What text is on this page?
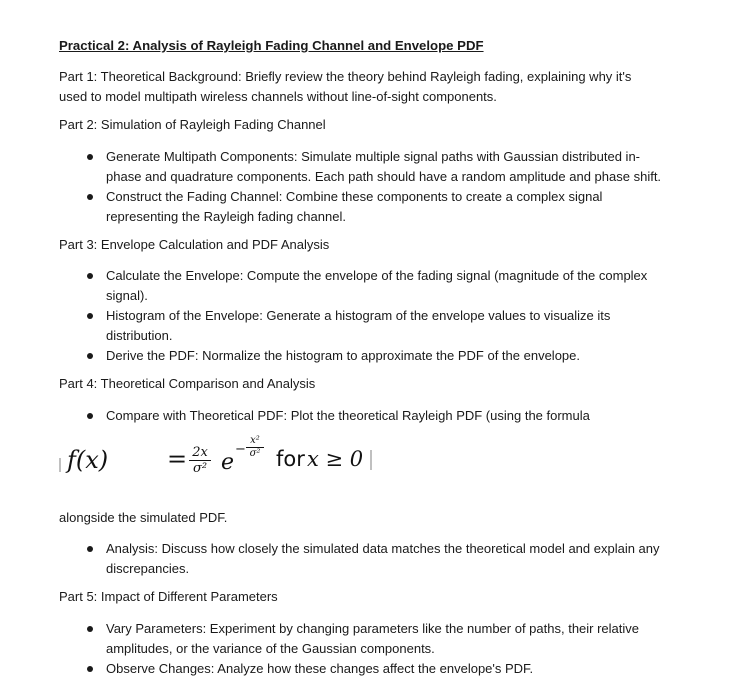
Practical 2: Analysis of Rayleigh Fading Channel and Envelope PDF

Part 1: Theoretical Background: Briefly review the theory behind Rayleigh fading, explaining why it's
used to model multipath wireless channels without line-of-sight components.

Part 2: Simulation of Rayleigh Fading Channel
Generate Multipath Components: Simulate multiple signal paths with Gaussian distributed in-
phase and quadrature components. Each path should have a random amplitude and phase shift.
Construct the Fading Channel: Combine these components to create a complex signal
representing the Rayleigh fading channel.
Part 3: Envelope Calculation and PDF Analysis
Calculate the Envelope: Compute the envelope of the fading signal (magnitude of the complex
signal).
Histogram of the Envelope: Generate a histogram of the envelope values to visualize its
distribution.
Derive the PDF: Normalize the histogram to approximate the PDF of the envelope.
Part 4: Theoretical Comparison and Analysis
Compare with Theoretical PDF: Plot the theoretical Rayleigh PDF (using the formula
f(x) = 2x
σ² e
−
x²
σ² for x ≥ 0
alongside the simulated PDF.
Analysis: Discuss how closely the simulated data matches the theoretical model and explain any
discrepancies.
Part 5: Impact of Different Parameters
Vary Parameters: Experiment by changing parameters like the number of paths, their relative
amplitudes, or the variance of the Gaussian components.
Observe Changes: Analyze how these changes affect the envelope's PDF.
